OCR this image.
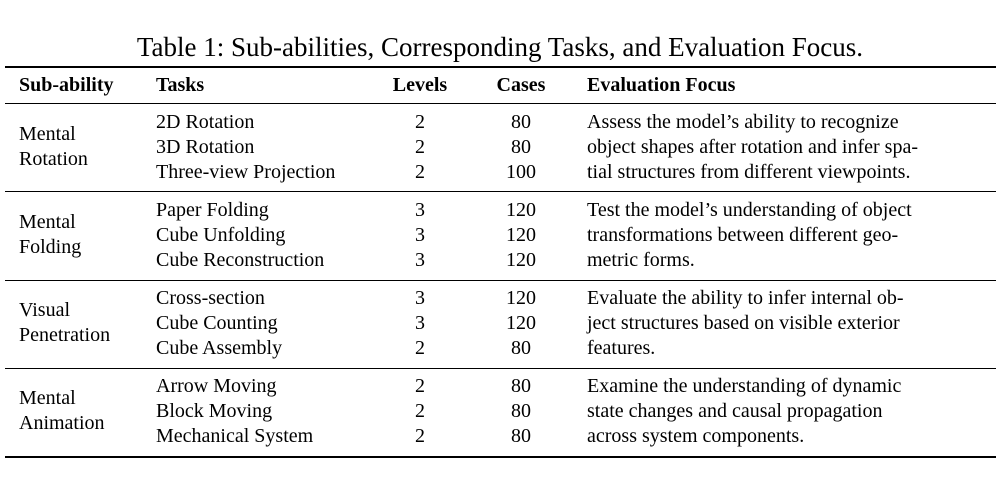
Table 1: Sub-abilities, Corresponding Tasks, and Evaluation Focus.
Sub-ability Tasks	Levels Cases Evaluation Focus
Mental
Rotation
2D Rotation
3D Rotation
Three-view Projection
2
2
2
80
80
100
Assess the model’s ability to recognize
object shapes after rotation and infer spa-
tial structures from different viewpoints.
Mental
Folding
Paper Folding
Cube Unfolding
Cube Reconstruction
3
3
3
120
120
120
Test the model’s understanding of object
transformations between different geo-
metric forms.
Visual
Penetration
Cross-section
Cube Counting
Cube Assembly
3
3
2
120
120
80
Evaluate the ability to infer internal ob-
ject structures based on visible exterior
features.
Mental
Animation
Arrow Moving
Block Moving
Mechanical System
2
2
2
80
80
80
Examine the understanding of dynamic
state changes and causal propagation
across system components.
